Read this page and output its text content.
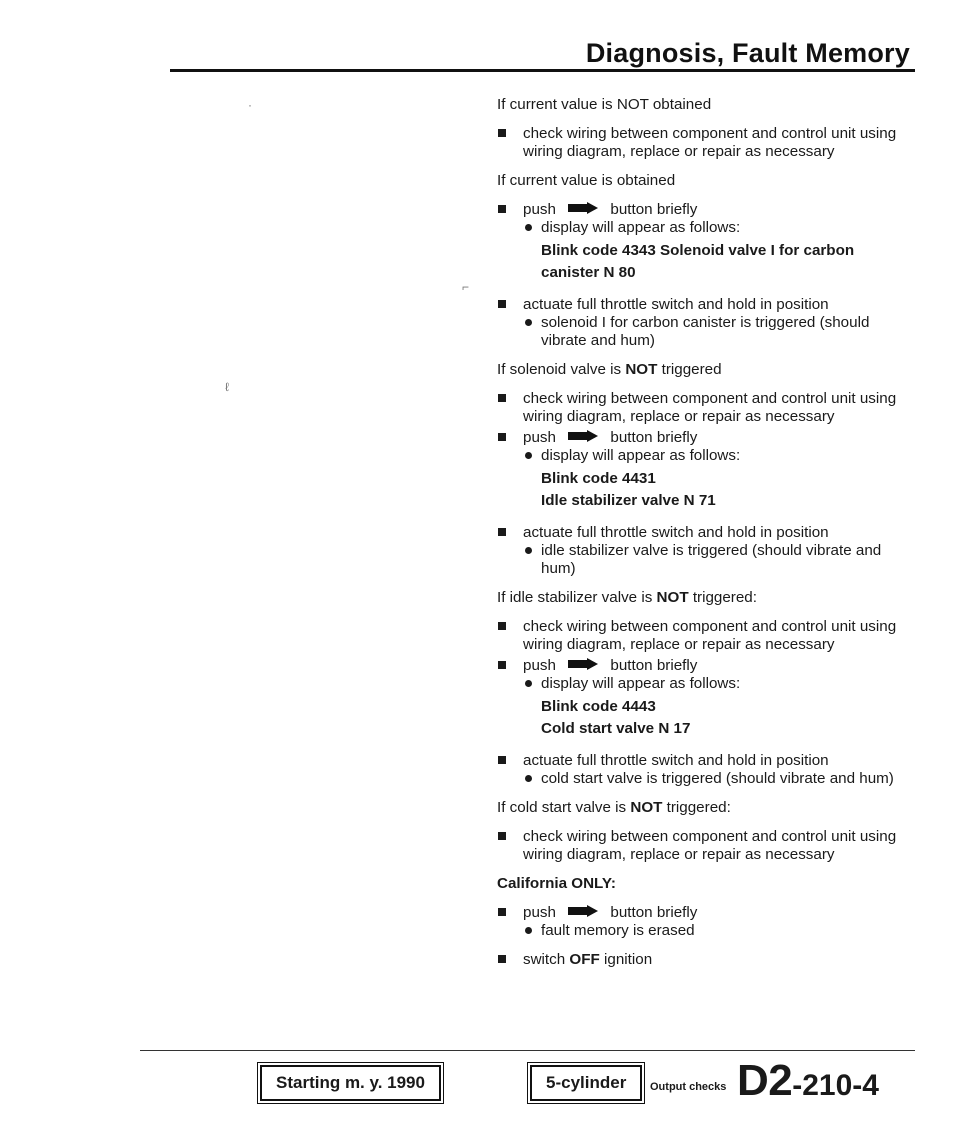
Diagnosis, Fault Memory

If current value is NOT obtained

check wiring between component and control unit using wiring diagram, replace or repair as necessary

If current value is obtained

push	button briefly
display will appear as follows:
Blink code 4343 Solenoid valve I for carbon
canister N 80
actuate full throttle switch and hold in position
solenoid I for carbon canister is triggered (should vibrate and hum)

If solenoid valve is NOT triggered

check wiring between component and control unit using wiring diagram, replace or repair as necessary
push	button briefly
display will appear as follows:
Blink code 4431
Idle stabilizer valve N 71
actuate full throttle switch and hold in position
idle stabilizer valve is triggered (should vibrate and hum)

If idle stabilizer valve is NOT triggered:

check wiring between component and control unit using wiring diagram, replace or repair as necessary
push	button briefly
display will appear as follows:
Blink code 4443
Cold start valve N 17
actuate full throttle switch and hold in position
cold start valve is triggered (should vibrate and hum)

If cold start valve is NOT triggered:

check wiring between component and control unit using wiring diagram, replace or repair as necessary

California ONLY:

push	button briefly
fault memory is erased
switch OFF ignition
Starting m. y. 1990	5-cylinder	Output checks D2-210-4
ℓ
⌐
·
